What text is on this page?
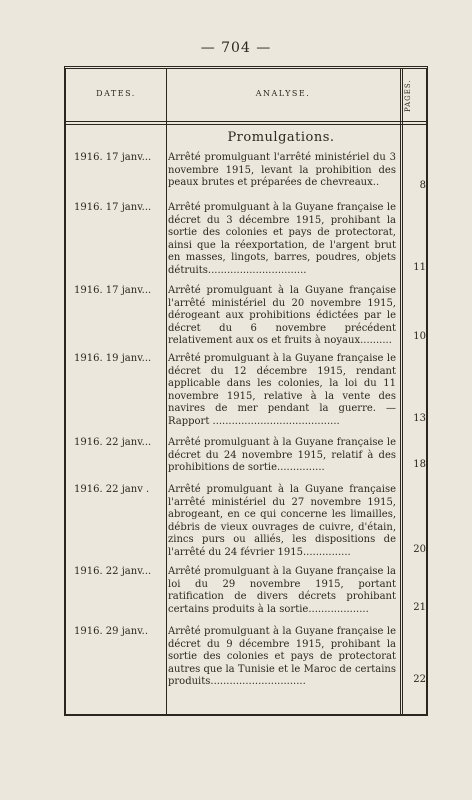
— 704 —
DATES.	ANALYSE.	PAGES.
Promulgations.
1916. 17 janv...	Arrêté promulguant l'arrêté ministériel du 3 novembre 1915, levant la prohibition des peaux brutes et préparées de chevreaux..	8
1916. 17 janv...	Arrêté promulguant à la Guyane française le décret du 3 décembre 1915, prohibant la sortie des colonies et pays de protectorat, ainsi que la réexportation, de l'argent brut en masses, lingots, barres, poudres, objets détruits...............................	11
1916. 17 janv...	Arrêté promulguant à la Guyane française l'arrêté ministériel du 20 novembre 1915, dérogeant aux prohibitions édictées par le décret du 6 novembre précédent relativement aux os et fruits à noyaux..........	10
1916. 19 janv...	Arrêté promulguant à la Guyane française le décret du 12 décembre 1915, rendant applicable dans les colonies, la loi du 11 novembre 1915, relative à la vente des navires de mer pendant la guerre. — Rapport ........................................	13
1916. 22 janv...	Arrêté promulguant à la Guyane française le décret du 24 novembre 1915, relatif à des prohibitions de sortie...............	18
1916. 22 janv .	Arrêté promulguant à la Guyane française l'arrêté ministériel du 27 novembre 1915, abrogeant, en ce qui concerne les limailles, débris de vieux ouvrages de cuivre, d'étain, zincs purs ou alliés, les dispositions de l'arrêté du 24 février 1915...............	20
1916. 22 janv...	Arrêté promulguant à la Guyane française la loi du 29 novembre 1915, portant ratification de divers décrets prohibant certains produits à la sortie...................	21
1916. 29 janv..	Arrêté promulguant à la Guyane française le décret du 9 décembre 1915, prohibant la sortie des colonies et pays de protectorat autres que la Tunisie et le Maroc de certains produits..............................	22
